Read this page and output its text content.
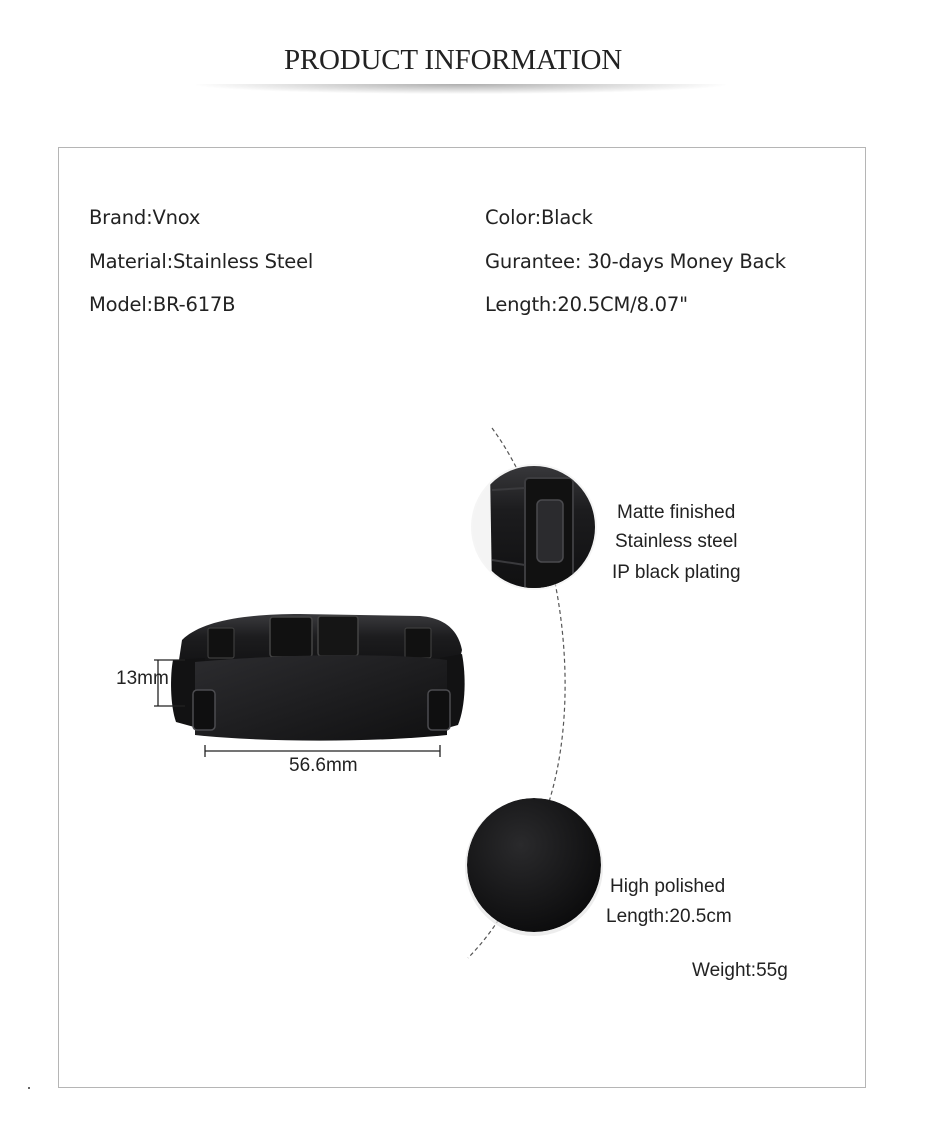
PRODUCT INFORMATION
Brand:Vnox
Material:Stainless Steel
Model:BR-617B
Color:Black
Gurantee: 30-days Money Back
Length:20.5CM/8.07"
13mm
56.6mm
Matte finished
Stainless steel
IP black plating
High polished
Length:20.5cm
Weight:55g
